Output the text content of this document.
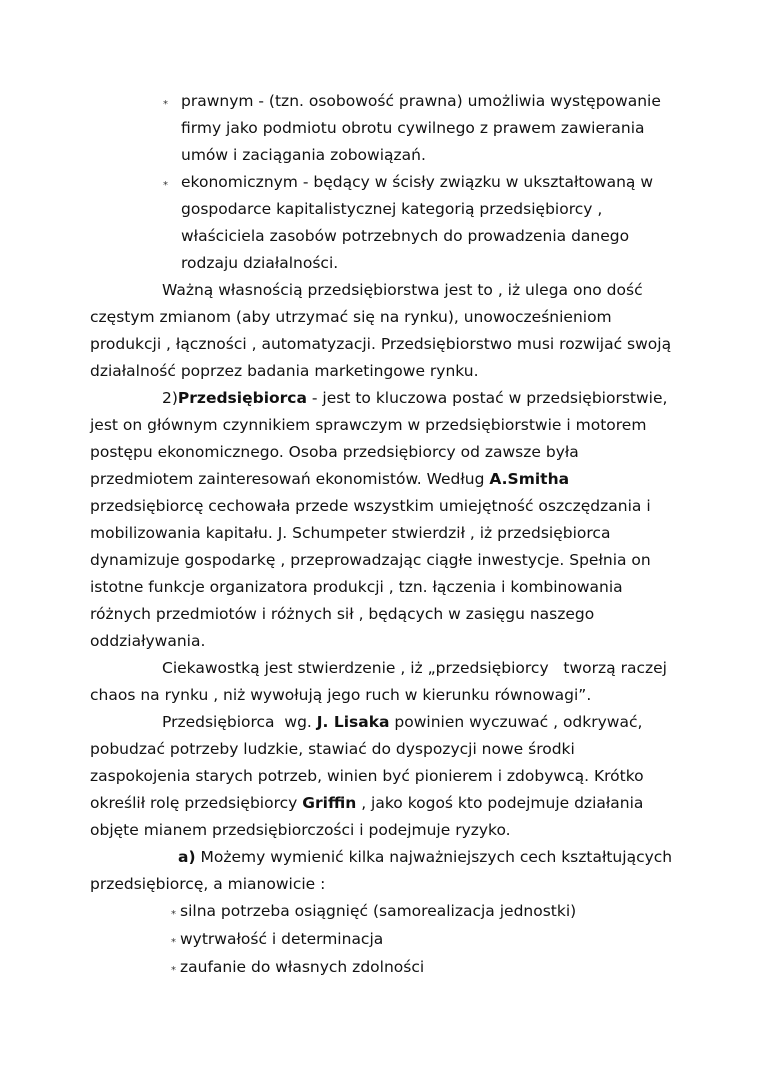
⁎ prawnym - (tzn. osobowość prawna) umożliwia występowanie
firmy jako podmiotu obrotu cywilnego z prawem zawierania
umów i zaciągania zobowiązań.
⁎ ekonomicznym - będący w ścisły związku w ukształtowaną w
gospodarce kapitalistycznej kategorią przedsiębiorcy ,
właściciela zasobów potrzebnych do prowadzenia danego
rodzaju działalności.
Ważną własnością przedsiębiorstwa jest to , iż ulega ono dość
częstym zmianom (aby utrzymać się na rynku), unowocześnieniom
produkcji , łączności , automatyzacji. Przedsiębiorstwo musi rozwijać swoją
działalność poprzez badania marketingowe rynku.
2)Przedsiębiorca - jest to kluczowa postać w przedsiębiorstwie,
jest on głównym czynnikiem sprawczym w przedsiębiorstwie i motorem
postępu ekonomicznego. Osoba przedsiębiorcy od zawsze była
przedmiotem zainteresowań ekonomistów. Według A.Smitha
przedsiębiorcę cechowała przede wszystkim umiejętność oszczędzania i
mobilizowania kapitału. J. Schumpeter stwierdził , iż przedsiębiorca
dynamizuje gospodarkę , przeprowadzając ciągłe inwestycje. Spełnia on
istotne funkcje organizatora produkcji , tzn. łączenia i kombinowania
różnych przedmiotów i różnych sił , będących w zasięgu naszego
oddziaływania.
Ciekawostką jest stwierdzenie , iż „przedsiębiorcy   tworzą raczej
chaos na rynku , niż wywołują jego ruch w kierunku równowagi”.
Przedsiębiorca  wg. J. Lisaka powinien wyczuwać , odkrywać,
pobudzać potrzeby ludzkie, stawiać do dyspozycji nowe środki
zaspokojenia starych potrzeb, winien być pionierem i zdobywcą. Krótko
określił rolę przedsiębiorcy Griffin , jako kogoś kto podejmuje działania
objęte mianem przedsiębiorczości i podejmuje ryzyko.
a) Możemy wymienić kilka najważniejszych cech kształtujących
przedsiębiorcę, a mianowicie :
⁎ silna potrzeba osiągnięć (samorealizacja jednostki)
⁎ wytrwałość i determinacja
⁎ zaufanie do własnych zdolności
